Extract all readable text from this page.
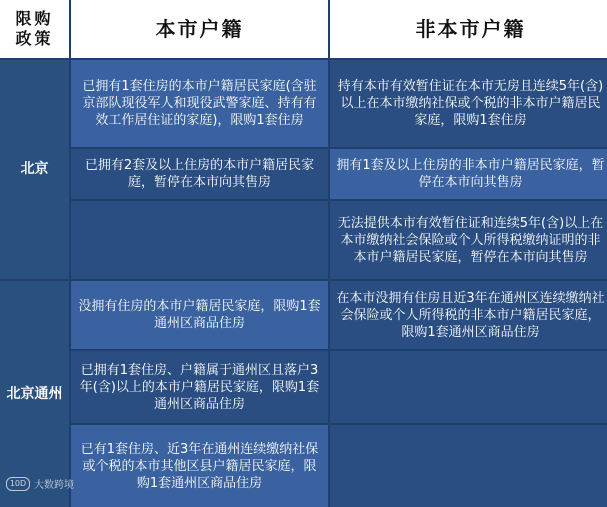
限购政策	本市户籍	非本市户籍
北京
已拥有1套住房的本市户籍居民家庭(含驻京部队现役军人和现役武警家庭、持有有效工作居住证的家庭)，限购1套住房
持有本市有效暂住证在本市无房且连续5年(含)以上在本市缴纳社保或个税的非本市户籍居民家庭，限购1套住房
已拥有2套及以上住房的本市户籍居民家庭，暂停在本市向其售房
拥有1套及以上住房的非本市户籍居民家庭，暂停在本市向其售房
无法提供本市有效暂住证和连续5年(含)以上在本市缴纳社会保险或个人所得税缴纳证明的非本市户籍居民家庭，暂停在本市向其售房
北京通州
没拥有住房的本市户籍居民家庭，限购1套通州区商品住房
在本市没拥有住房且近3年在通州区连续缴纳社会保险或个人所得税的非本市户籍居民家庭，限购1套通州区商品住房
已拥有1套住房、户籍属于通州区且落户3年(含)以上的本市户籍居民家庭，限购1套通州区商品住房
已有1套住房、近3年在通州连续缴纳社保或个税的本市其他区县户籍居民家庭，限购1套通州区商品住房
10D 大数跨境
